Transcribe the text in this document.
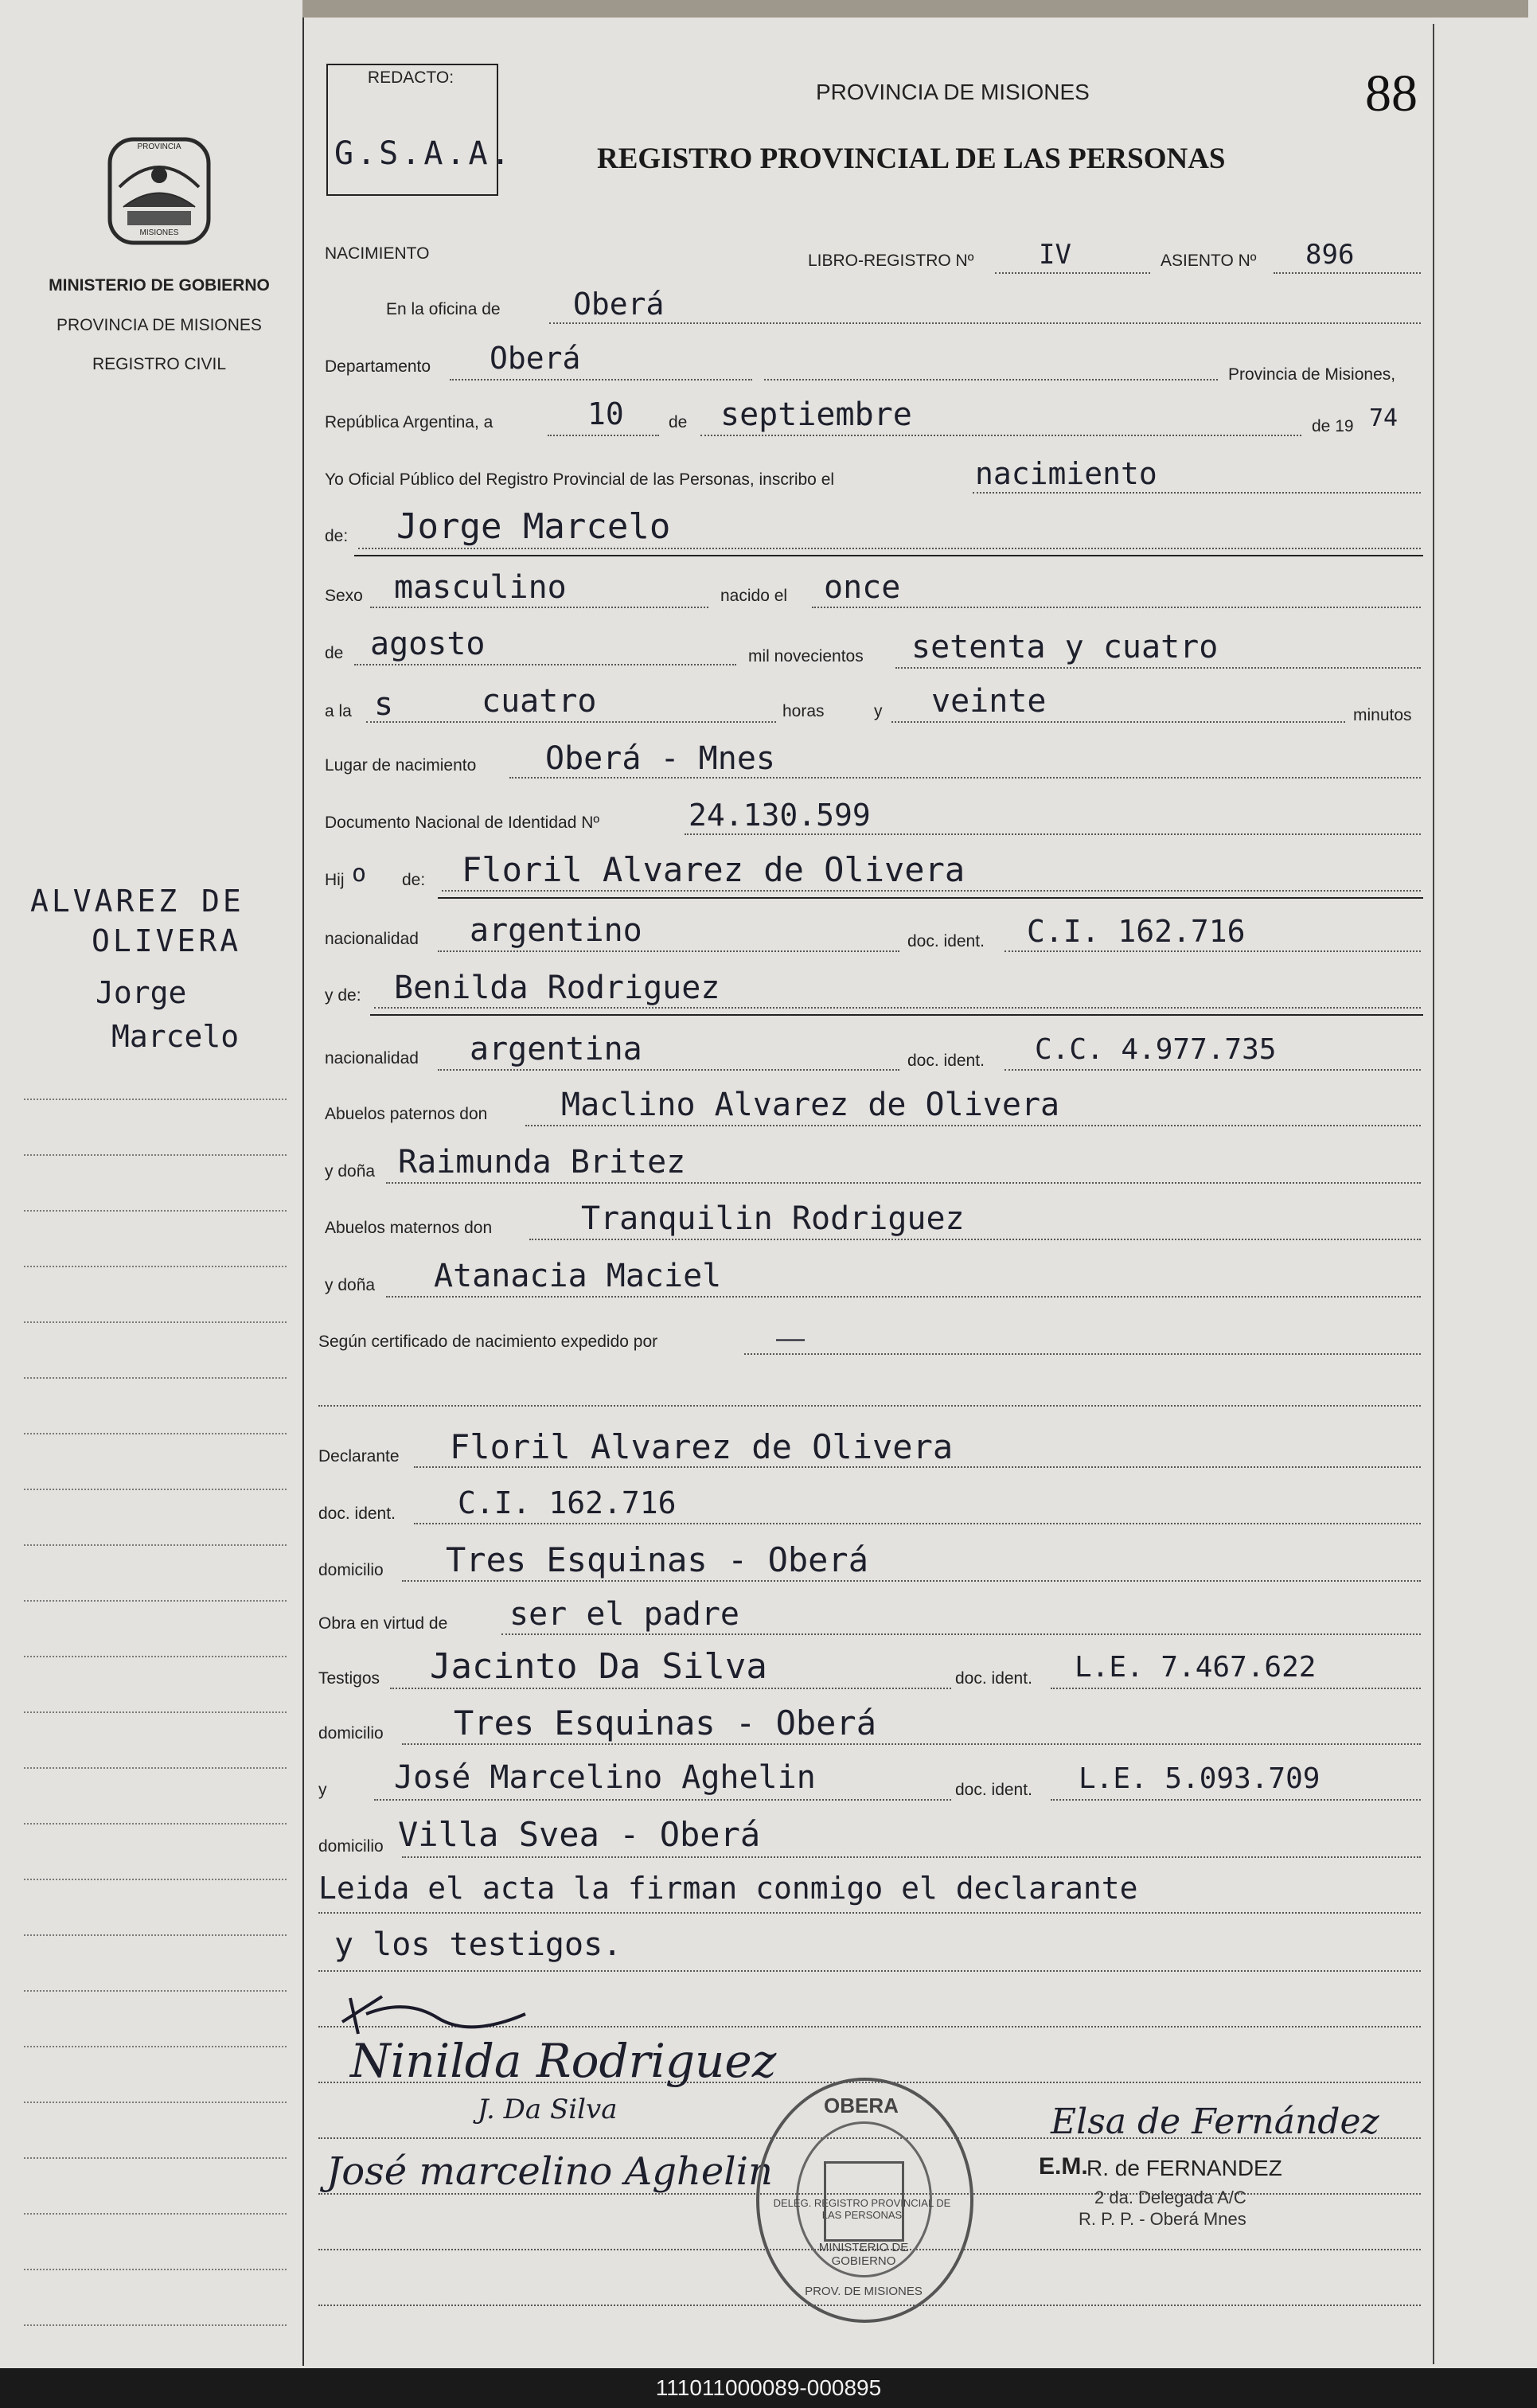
PROVINCIA
MISIONES
MINISTERIO DE GOBIERNO
PROVINCIA DE MISIONES
REGISTRO CIVIL
ALVAREZ DE
OLIVERA
Jorge
Marcelo
REDACTO:
G.S.A.A.
PROVINCIA DE MISIONES
REGISTRO PROVINCIAL DE LAS PERSONAS
88
NACIMIENTO	LIBRO-REGISTRO Nº IV	ASIENTO Nº 896
En la oficina de Oberá
Departamento Oberá	Provincia de Misiones,
República Argentina, a	10	de septiembre	de 19 74
Yo Oficial Público del Registro Provincial de las Personas, inscribo el	nacimiento
de: Jorge Marcelo
Sexo masculino	nacido el once
de agosto	mil novecientos setenta y cuatro
a la s	cuatro	horas	y veinte	minutos
Lugar de nacimiento Oberá - Mnes
Documento Nacional de Identidad Nº	24.130.599
Hij o de: Floril Alvarez de Olivera
nacionalidad argentino	doc. ident. C.I. 162.716
y de: Benilda Rodriguez
nacionalidad argentina	doc. ident. C.C. 4.977.735
Abuelos paternos don Maclino Alvarez de Olivera
y doña Raimunda Britez
Abuelos maternos don	Tranquilin Rodriguez
y doña Atanacia Maciel
Según certificado de nacimiento expedido por	——
Declarante Floril Alvarez de Olivera
doc. ident. C.I. 162.716
domicilio Tres Esquinas - Oberá
Obra en virtud de ser el padre
Testigos Jacinto Da Silva	doc. ident. L.E. 7.467.622
domicilio Tres Esquinas - Oberá
y José Marcelino Aghelin	doc. ident. L.E. 5.093.709
domicilio Villa Svea - Oberá
Leida el acta la firman conmigo el declarante
y los testigos.
Ninilda Rodriguez
J. Da Silva
José marcelino Aghelin
Elsa de Fernández
E.M.
R. de FERNANDEZ
2 da. Delegada A/C
R. P. P. - Oberá Mnes
OBERA
DELEG. REGISTRO PROVINCIAL DE LAS PERSONAS
MINISTERIO DE GOBIERNO
PROV. DE MISIONES
111011000089-000895
